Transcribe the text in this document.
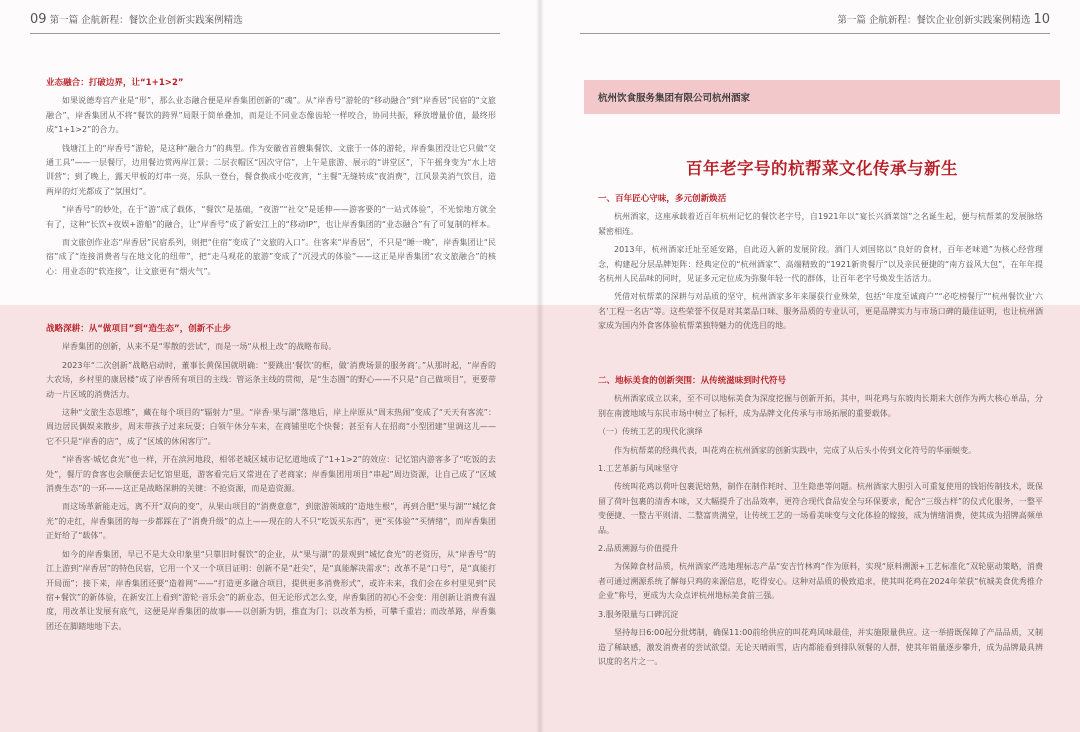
09 第一篇 企航新程：餐饮企业创新实践案例精选

业态融合：打破边界，让“1+1>2”

如果说德寿宫产业是“形”，那么业态融合便是岸香集团创新的“魂”。从“岸香号”游轮的“移动融合”到“岸香居”民宿的“文旅融合”，岸香集团从不将“餐饮的跨界”局限于简单叠加，而是让不同业态像齿轮一样咬合，协同共振，释放增量价值，最终形成“1+1>2”的合力。

钱塘江上的“岸香号”游轮，是这种“融合力”的典型。作为安徽省首艘集餐饮、文旅于一体的游轮，岸香集团没让它只做“交通工具”——一层餐厅，边用餐边赏两岸江景；二层衣帽区“因次守信”，上午是旅游、展示的“讲堂区”，下午摇身变为“水上培训营”；到了晚上，露天甲板的灯串一亮，乐队一登台，餐食换成小吃夜宵，“主餐”无缝转成“夜消费”，江风景美消气饮目，造两岸的灯光都成了“氛围灯”。

“岸香号”的妙处，在于“游”成了载体，“餐饮”是基础，“夜游”“社交”是延伸——游客要的“一站式体验”，不光惊地方就全有了，这种“长饮+夜娱+游船”的融合，让“岸香号”成了新安江上的“移动IP”，也让岸香集团的“业态融合”有了可复制的样本。

而文旅创作业态“岸香居”民宿系列，则把“住宿”变成了“文旅的入口”。住客来“岸香居”，不只是“睡一晚”，岸香集团让“民宿”成了“连接消费者与在地文化的纽带”，把“走马观花的旅游”变成了“沉浸式的体验”——这正是岸香集团“农文旅融合”的核心：用业态的“软连接”，让文旅更有“烟火气”。

战略深耕：从“做项目”到“造生态”，创新不止步

岸香集团的创新，从来不是“零散的尝试”，而是一场“从根上改”的战略布局。

2023年“二次创新”战略启动时，董事长黄保国就明确：“要跳出‘餐饮’的框，做‘消费场景的服务商’。”从那时起，“岸香的大农场，乡村里的康居楼”成了岸香所有项目的主线：管运条主线的贯彻，是“生态圈”的野心——不只是“自己做项目”，更要带动一片区域的消费活力。

这种“文旅生态思维”，藏在每个项目的“辐射力”里。“岸香·果与湖”落地后，岸上岸原从“周末热闹”变成了“天天有客流”：周边居民偶娱来散步，周末带孩子过来玩耍；白领午休分车来，在商铺里吃个快餐；甚至有人在招商“小型团建”里调这儿——它不只是“岸香的店”，成了“区域的休闲客厅”。

“岸香客·城忆食光”也一样，开在滨河地段，相邻老城区城市记忆道地成了“1+1>2”的效应：记忆馆内游客多了“吃饭的去处”，餐厅的食客也会顺便去记忆馆里逛，游客看完后又常进在了老商家；岸香集团用项目“串起”周边资源，让自己成了“区域消费生态”的一环——这正是战略深耕的关键：不抢资源，而是造资源。

而这场革新能走远，离不开“双向的变”，从果山项目的“消费意意”，到旅游领域的“造地生根”，再到合肥“果与湖”“城忆食光”的走红，岸香集团的每一步都踩在了“消费升级”的点上——现在的人不只“吃饭买东西”，更“买体验”“买情绪”，而岸香集团正好给了“载体”。

如今的岸香集团，早已不是大众印象里“只靠旧时餐饮”的企业，从“果与湖”的景观到“城忆食光”的老资历，从“岸香号”的江上游到“岸香居”的特色民宿，它用一个又一个项目证明：创新不是“赶尖”，是“真能解决需求”；改革不是“口号”，是“真能打开局面”；接下来，岸香集团还要“造着网”——“打造更多融合项目，提供更多消费形式”，或许未来，我们会在乡村里见到“民宿+餐饮”的新体验，在新安江上看到“游轮·音乐会”的新业态，但无论形式怎么变，岸香集团的初心不会变：用创新让消费有温度，用改革让发展有底气，这便是岸香集团的故事——以创新为钥，推直为门；以改革为桥，可攀千重岩；而改革路，岸香集团还在脚踏地地下去。

第一篇 企航新程：餐饮企业创新实践案例精选 10
杭州饮食服务集团有限公司杭州酒家
百年老字号的杭帮菜文化传承与新生

一、百年匠心守味，多元创新焕活

杭州酒家，这座承载着近百年杭州记忆的餐饮老字号，自1921年以“宴长兴酒菜馆”之名诞生起，便与杭帮菜的发展脉络紧密相连。

2013年，杭州酒家迁址至延安路，自此迈入新的发展阶段。酒门人刘国铭以“良好的食材，百年老味道”为核心经营理念，构建起分层品牌矩阵：经典定位的“杭州酒家”、高端精致的“1921新贵餐厅”以及亲民便捷的“南方益风大包”，在年年提名杭州人民品味的同时，见证多元定位成为弥聚年轻一代的群体，让百年老字号焕发生活活力。

凭借对杭帮菜的深耕与对品质的坚守，杭州酒家多年来屡获行业殊荣，包括“年度至诚商户”“必吃榜餐厅”“杭州餐饮业‘六名’工程一名店”等。这些荣誉不仅是对其菜品口味、服务品质的专业认可，更是品牌实力与市场口碑的最佳证明，也让杭州酒家成为国内外食客体验杭帮菜独特魅力的优选目的地。

二、地标美食的创新突围：从传统滋味到时代符号

杭州酒家成立以来，至不可以地标美食为深度挖掘与创新开拓，其中，叫花鸡与东坡肉长期来大创作为两大核心单品，分别在南渡地域与东民市场中树立了标杆，成为品牌文化传承与市场拓展的重要载体。

（一）传统工艺的现代化演绎

作为杭帮菜的经典代表，叫花鸡在杭州酒家的创新实践中，完成了从后头小传到文化符号的华丽蜕变。

1.工艺革新与风味坚守

传统叫花鸡以荷叶包裹泥焙熟，制作在制作耗时、卫生隐患等问题。杭州酒家大胆引入可重复使用的钱铝传制技术，既保留了荷叶包裹的清香本味，又大幅提升了出品效率，更符合现代食品安全与环保要求，配合“三级古样”的仪式化服务，一整平变便捷、一整古平则清、二整富贵满堂，让传统工艺的一场看美味变与文化体验的嫁接，成为情绪消费，使其成为招牌高频单品。

2.品质溯源与价值提升

为保障食材品质，杭州酒家严选地理标志产品“安吉竹林鸡”作为原料，实现“原料溯源+工艺标准化”双轮驱动策略，消费者可通过溯源系统了解每只鸡的来源信息，吃得安心。这种对品质的极致追求，使其叫花鸡在2024年荣获“杭城美食优秀推介企业”称号，更成为大众点评杭州地标美食前三强。

3.服务限量与口碑沉淀

坚持每日6:00起分批烤制，确保11:00前给供应的叫花鸡风味最佳，并实施限量供应。这一举措既保障了产品品质，又制造了稀缺感，激发消费者的尝试欲望。无论天晴雨雪，店内都能看到排队领餐的人群，使其年销量逐步攀升，成为品牌最具辨识度的名片之一。
